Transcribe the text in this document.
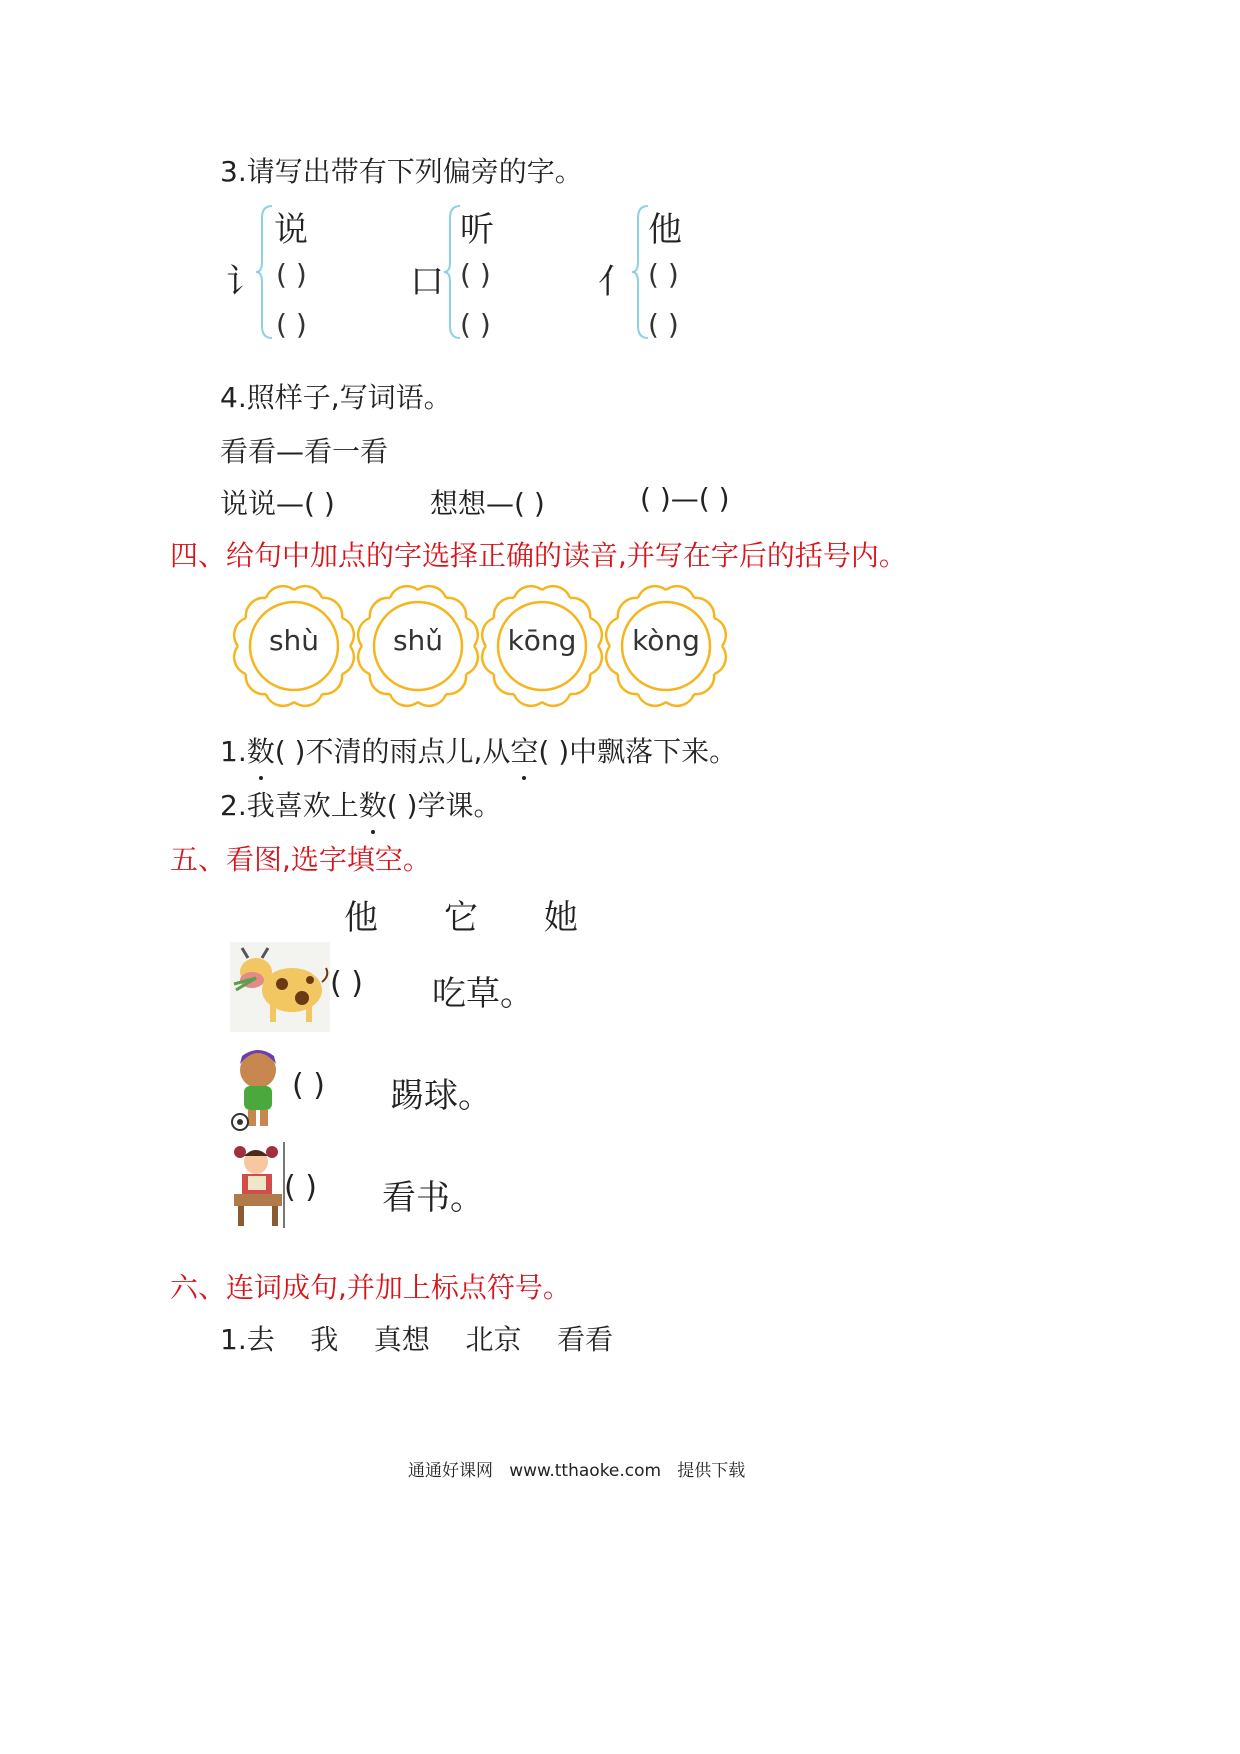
3.请写出带有下列偏旁的字。
讠
说
( )
( )
口
听
( )
( )
亻
他
( )
( )
4.照样子,写词语。
看看—看一看
说说—( )	想想—( )	( )—( )
四、给句中加点的字选择正确的读音,并写在字后的括号内。
shù	shǔ	kōng	kòng
1.数( )不清的雨点儿,从空( )中飘落下来。
2.我喜欢上数( )学课。
五、看图,选字填空。
他 它 她
( ) 吃草。
( ) 踢球。
( ) 看书。
六、连词成句,并加上标点符号。
1.去    我    真想    北京    看看
通通好课网   www.tthaoke.com   提供下载
